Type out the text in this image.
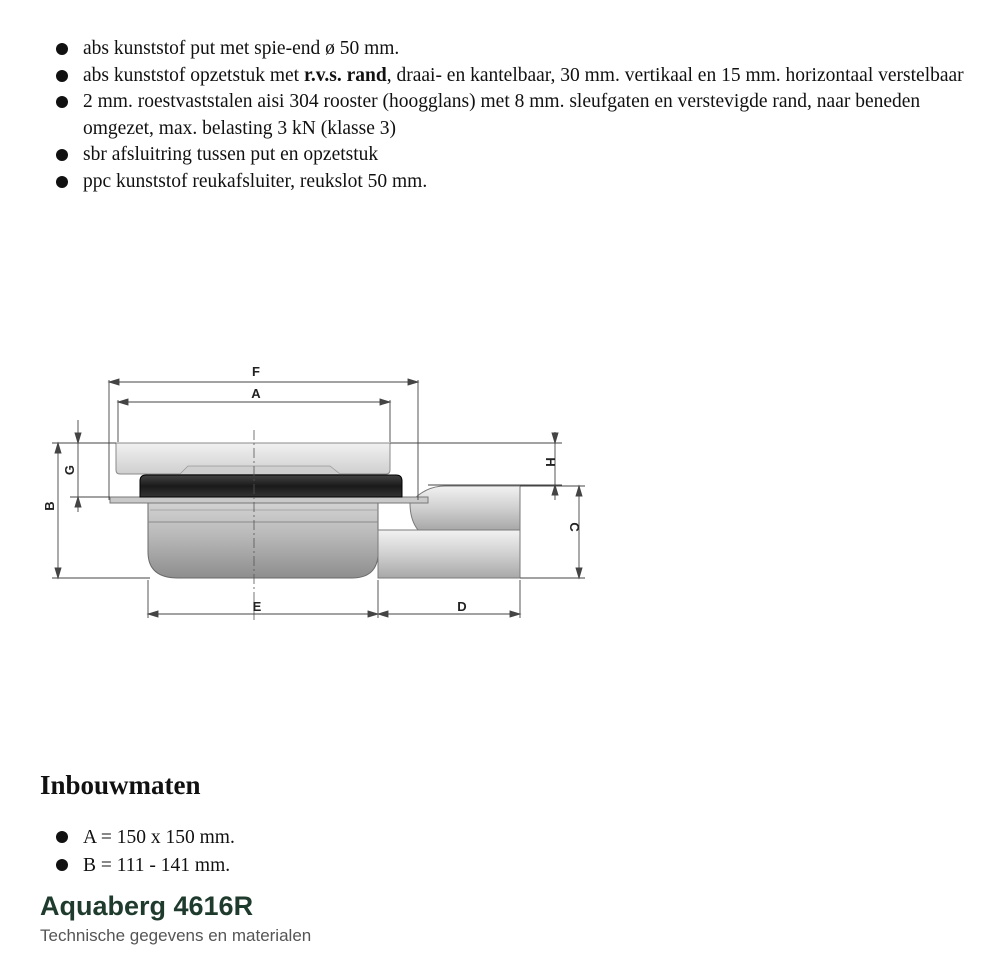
abs kunststof put met spie-end ø 50 mm.
abs kunststof opzetstuk met r.v.s. rand, draai- en kantelbaar, 30 mm. vertikaal en 15 mm. horizontaal verstelbaar
2 mm. roestvaststalen aisi 304 rooster (hoogglans) met 8 mm. sleufgaten en verstevigde rand, naar beneden omgezet, max. belasting 3 kN (klasse 3)
sbr afsluitring tussen put en opzetstuk
ppc kunststof reukafsluiter, reukslot 50 mm.
F
A
G
B
H
C
E	D
Inbouwmaten
A = 150 x 150 mm.
B = 111 - 141 mm.
Aquaberg 4616R

Technische gegevens en materialen
